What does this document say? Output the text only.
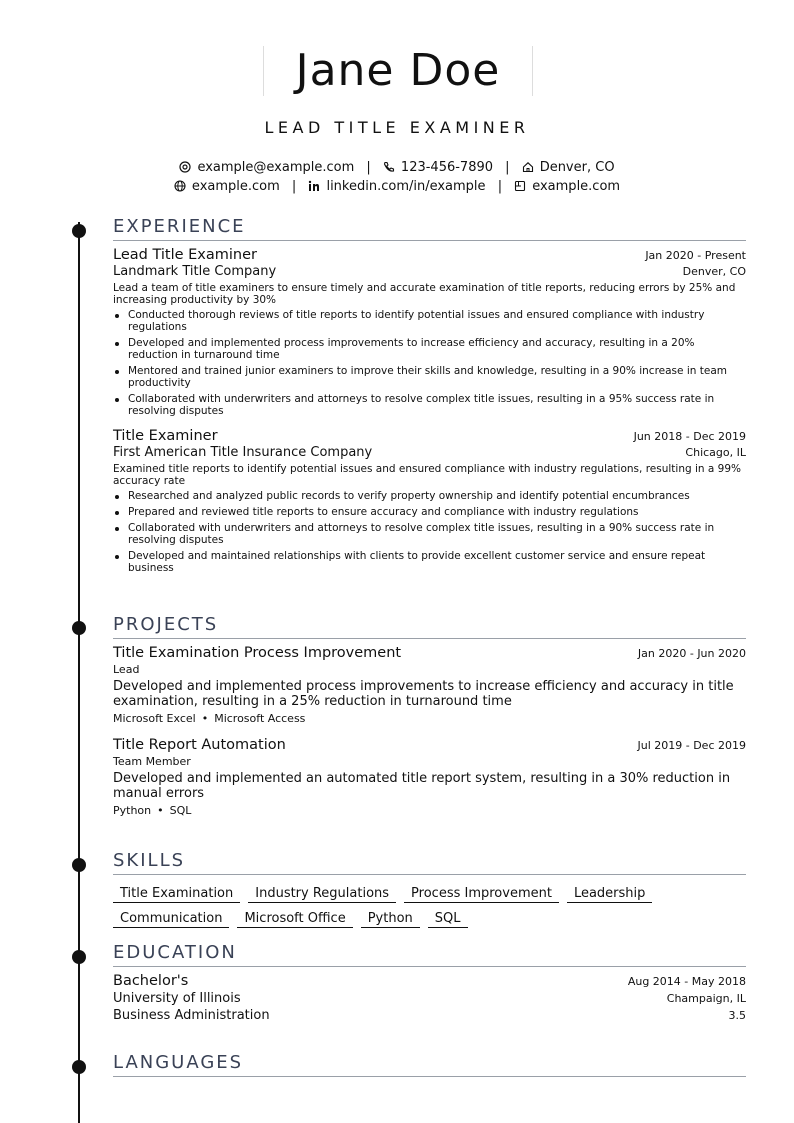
Jane Doe
LEAD TITLE EXAMINER
example@example.com | 123-456-7890 | Denver, CO
example.com | linkedin.com/in/example | example.com
EXPERIENCE
Lead Title Examiner	Jan 2020 - Present
Landmark Title Company	Denver, CO
Lead a team of title examiners to ensure timely and accurate examination of title reports, reducing errors by 25% and increasing productivity by 30%
Conducted thorough reviews of title reports to identify potential issues and ensured compliance with industry regulations
Developed and implemented process improvements to increase efficiency and accuracy, resulting in a 20% reduction in turnaround time
Mentored and trained junior examiners to improve their skills and knowledge, resulting in a 90% increase in team productivity
Collaborated with underwriters and attorneys to resolve complex title issues, resulting in a 95% success rate in resolving disputes
Title Examiner	Jun 2018 - Dec 2019
First American Title Insurance Company	Chicago, IL
Examined title reports to identify potential issues and ensured compliance with industry regulations, resulting in a 99% accuracy rate
Researched and analyzed public records to verify property ownership and identify potential encumbrances
Prepared and reviewed title reports to ensure accuracy and compliance with industry regulations
Collaborated with underwriters and attorneys to resolve complex title issues, resulting in a 90% success rate in resolving disputes
Developed and maintained relationships with clients to provide excellent customer service and ensure repeat business
PROJECTS
Title Examination Process Improvement	Jan 2020 - Jun 2020
Lead
Developed and implemented process improvements to increase efficiency and accuracy in title examination, resulting in a 25% reduction in turnaround time
Microsoft Excel • Microsoft Access
Title Report Automation	Jul 2019 - Dec 2019
Team Member
Developed and implemented an automated title report system, resulting in a 30% reduction in manual errors
Python • SQL
SKILLS
Title Examination Industry Regulations Process Improvement Leadership
Communication Microsoft Office Python SQL
EDUCATION
Bachelor's	Aug 2014 - May 2018
University of Illinois	Champaign, IL
Business Administration	3.5
LANGUAGES
